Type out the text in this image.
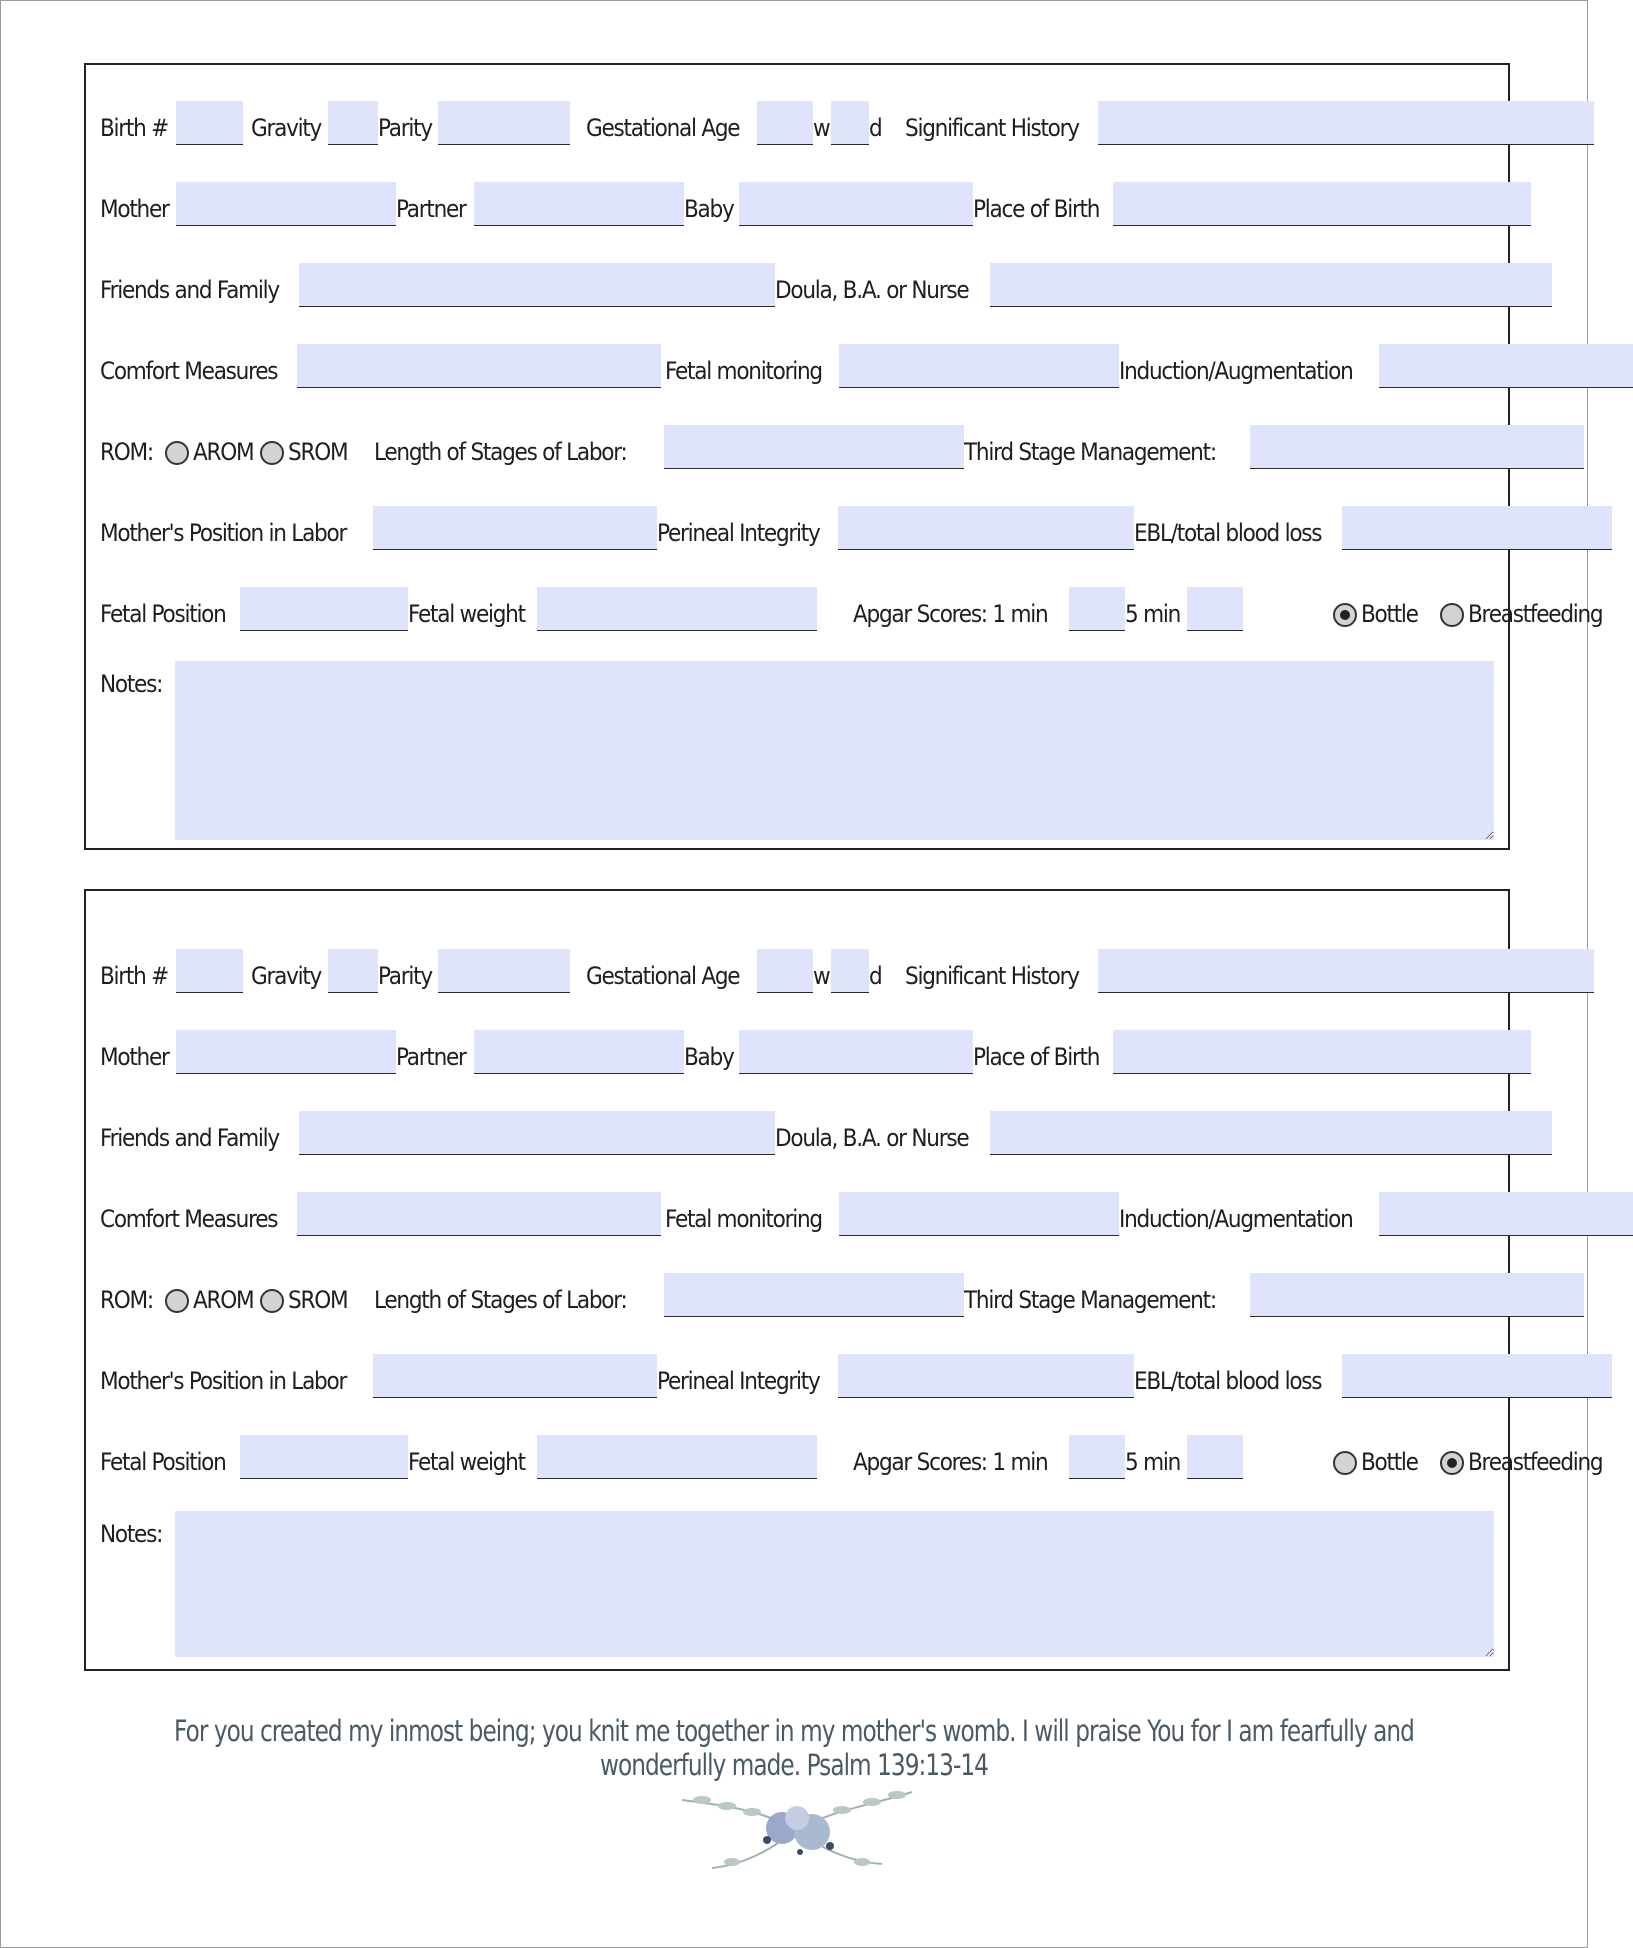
Birth #	Gravity Parity	Gestational Age	w d Significant History
Mother	Partner	Baby	Place of Birth
Friends and Family	Doula, B.A. or Nurse
Comfort Measures	Fetal monitoring	Induction/Augmentation
ROM: AROM SROM Length of Stages of Labor:	Third Stage Management:
Mother's Position in Labor	Perineal Integrity	EBL/total blood loss
Fetal Position	Fetal weight	Apgar Scores: 1 min	5 min	Bottle Breastfeeding
Notes:
Birth #	Gravity Parity	Gestational Age	w d Significant History
Mother	Partner	Baby	Place of Birth
Friends and Family	Doula, B.A. or Nurse
Comfort Measures	Fetal monitoring	Induction/Augmentation
ROM: AROM SROM Length of Stages of Labor:	Third Stage Management:
Mother's Position in Labor	Perineal Integrity	EBL/total blood loss
Fetal Position	Fetal weight	Apgar Scores: 1 min	5 min	Bottle Breastfeeding
Notes:
For you created my inmost being; you knit me together in my mother's womb. I will praise You for I am fearfully and wonderfully made. Psalm 139:13-14
